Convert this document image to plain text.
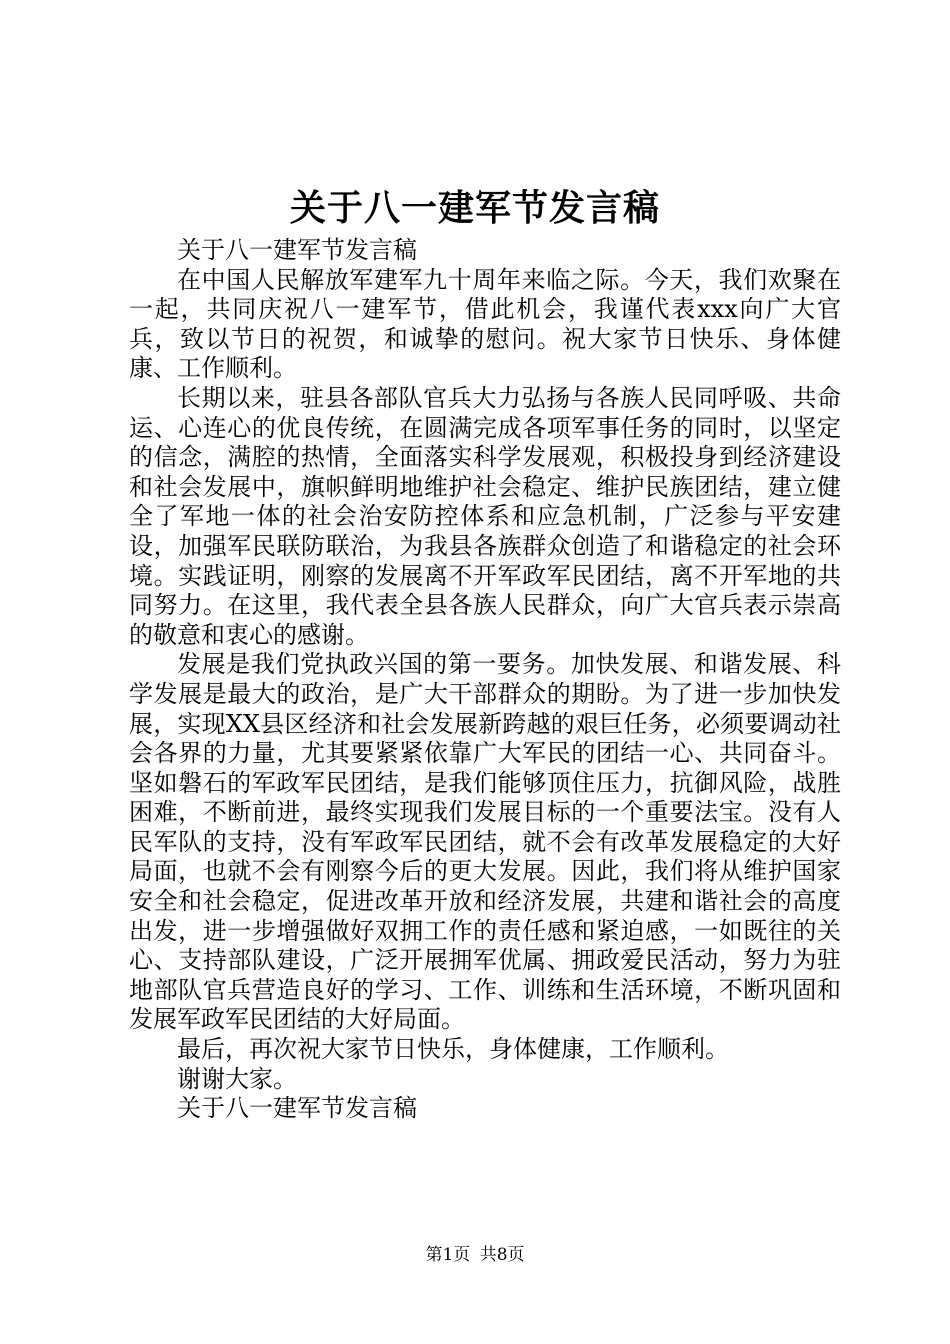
关于八一建军节发言稿

关于八一建军节发言稿

在中国人民解放军建军九十周年来临之际。今天，我们欢聚在一起，共同庆祝八一建军节，借此机会，我谨代表xxx向广大官兵，致以节日的祝贺，和诚挚的慰问。祝大家节日快乐、身体健康、工作顺利。

长期以来，驻县各部队官兵大力弘扬与各族人民同呼吸、共命运、心连心的优良传统，在圆满完成各项军事任务的同时，以坚定的信念，满腔的热情，全面落实科学发展观，积极投身到经济建设和社会发展中，旗帜鲜明地维护社会稳定、维护民族团结，建立健全了军地一体的社会治安防控体系和应急机制，广泛参与平安建设，加强军民联防联治，为我县各族群众创造了和谐稳定的社会环境。实践证明，刚察的发展离不开军政军民团结，离不开军地的共同努力。在这里，我代表全县各族人民群众，向广大官兵表示崇高的敬意和衷心的感谢。

发展是我们党执政兴国的第一要务。加快发展、和谐发展、科学发展是最大的政治，是广大干部群众的期盼。为了进一步加快发展，实现XX县区经济和社会发展新跨越的艰巨任务，必须要调动社会各界的力量，尤其要紧紧依靠广大军民的团结一心、共同奋斗。坚如磐石的军政军民团结，是我们能够顶住压力，抗御风险，战胜困难，不断前进，最终实现我们发展目标的一个重要法宝。没有人民军队的支持，没有军政军民团结，就不会有改革发展稳定的大好局面，也就不会有刚察今后的更大发展。因此，我们将从维护国家安全和社会稳定，促进改革开放和经济发展，共建和谐社会的高度出发，进一步增强做好双拥工作的责任感和紧迫感，一如既往的关心、支持部队建设，广泛开展拥军优属、拥政爱民活动，努力为驻地部队官兵营造良好的学习、工作、训练和生活环境，不断巩固和发展军政军民团结的大好局面。

最后，再次祝大家节日快乐，身体健康，工作顺利。

谢谢大家。

关于八一建军节发言稿

第1页 共8页
